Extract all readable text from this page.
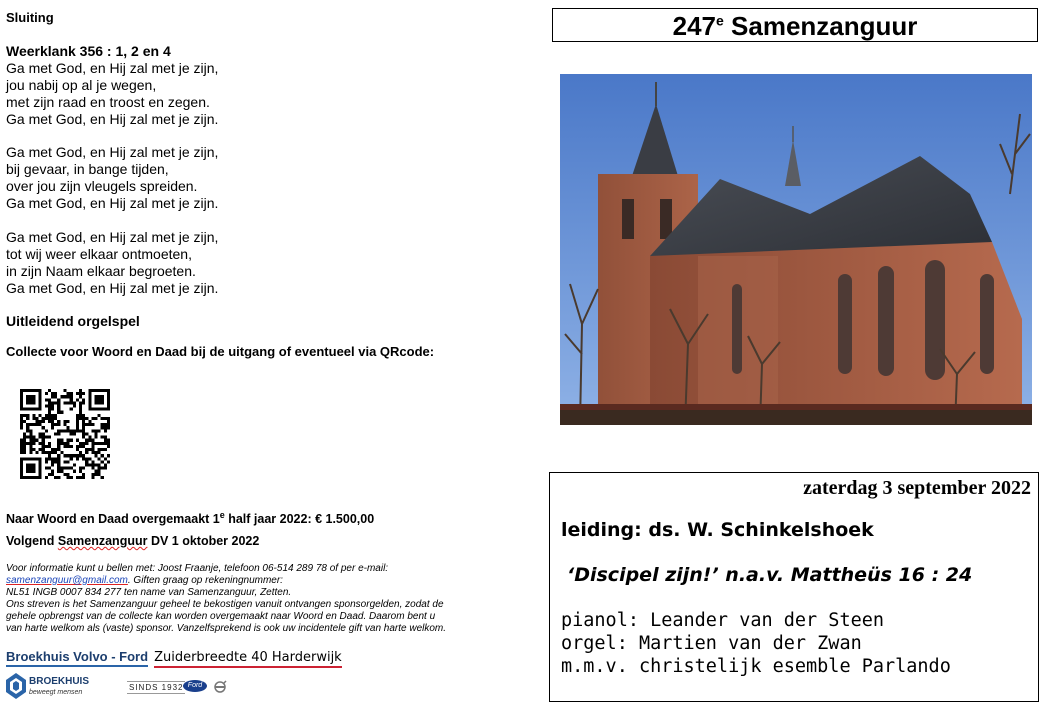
Sluiting
Weerklank 356 : 1, 2 en 4
Ga met God, en Hij zal met je zijn,
jou nabij op al je wegen,
met zijn raad en troost en zegen.
Ga met God, en Hij zal met je zijn.
Ga met God, en Hij zal met je zijn,
bij gevaar, in bange tijden,
over jou zijn vleugels spreiden.
Ga met God, en Hij zal met je zijn.
Ga met God, en Hij zal met je zijn,
tot wij weer elkaar ontmoeten,
in zijn Naam elkaar begroeten.
Ga met God, en Hij zal met je zijn.
Uitleidend orgelspel
Collecte voor Woord en Daad bij de uitgang of eventueel via QRcode:
Naar Woord en Daad overgemaakt 1e half jaar 2022: € 1.500,00
Volgend Samenzanguur DV 1 oktober 2022
Voor informatie kunt u bellen met: Joost Fraanje, telefoon 06-514 289 78 of per e-mail:
samenzanguur@gmail.com. Giften graag op rekeningnummer:
NL51 INGB 0007 834 277 ten name van Samenzanguur, Zetten.
Ons streven is het Samenzanguur geheel te bekostigen vanuit ontvangen sponsorgelden, zodat de
gehele opbrengst van de collecte kan worden overgemaakt naar Woord en Daad. Daarom bent u
van harte welkom als (vaste) sponsor. Vanzelfsprekend is ook uw incidentele gift van harte welkom.
Broekhuis Volvo - Ford Zuiderbreedte 40 Harderwijk
BROEKHUIS
beweegt mensen
SINDS 1932 Ford
247e Samenzanguur
zaterdag 3 september 2022
leiding: ds. W. Schinkelshoek
‘Discipel zijn!’ n.a.v. Mattheüs 16 : 24
pianol: Leander van der Steen
orgel: Martien van der Zwan
m.m.v. christelijk esemble Parlando
